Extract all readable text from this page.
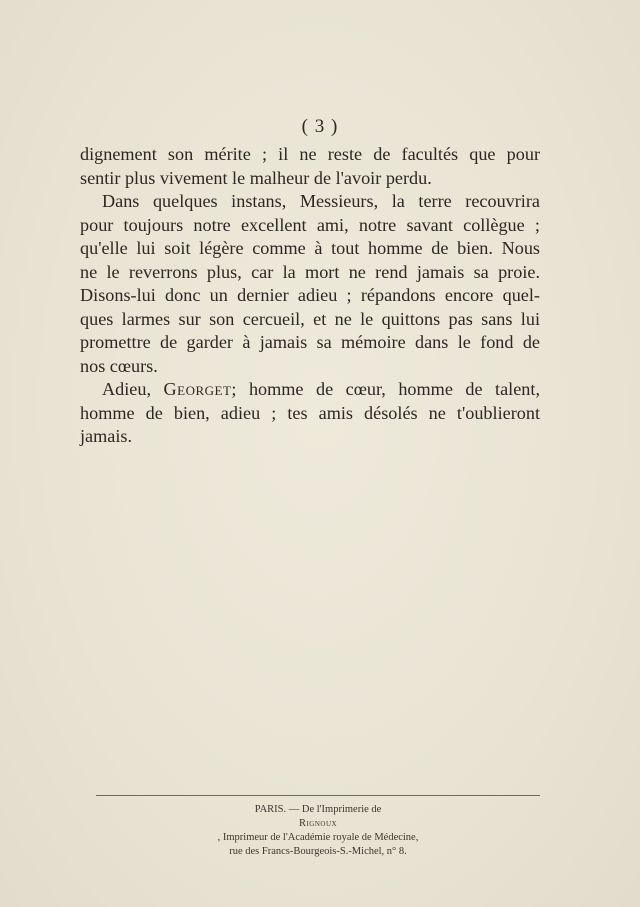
( 3 )
dignement son mérite ; il ne reste de facultés que pour
sentir plus vivement le malheur de l'avoir perdu.
Dans quelques instans, Messieurs, la terre recouvrira
pour toujours notre excellent ami, notre savant collègue ;
qu'elle lui soit légère comme à tout homme de bien. Nous
ne le reverrons plus, car la mort ne rend jamais sa proie.
Disons-lui donc un dernier adieu ; répandons encore quel-
ques larmes sur son cercueil, et ne le quittons pas sans lui
promettre de garder à jamais sa mémoire dans le fond de
nos cœurs.
Adieu, Georget; homme de cœur, homme de talent,
homme de bien, adieu ; tes amis désolés ne t'oublieront
jamais.
PARIS. — De l'Imprimerie de
Rignoux
, Imprimeur de l'Académie royale de Médecine,
rue des Francs-Bourgeois-S.-Michel, n° 8.
